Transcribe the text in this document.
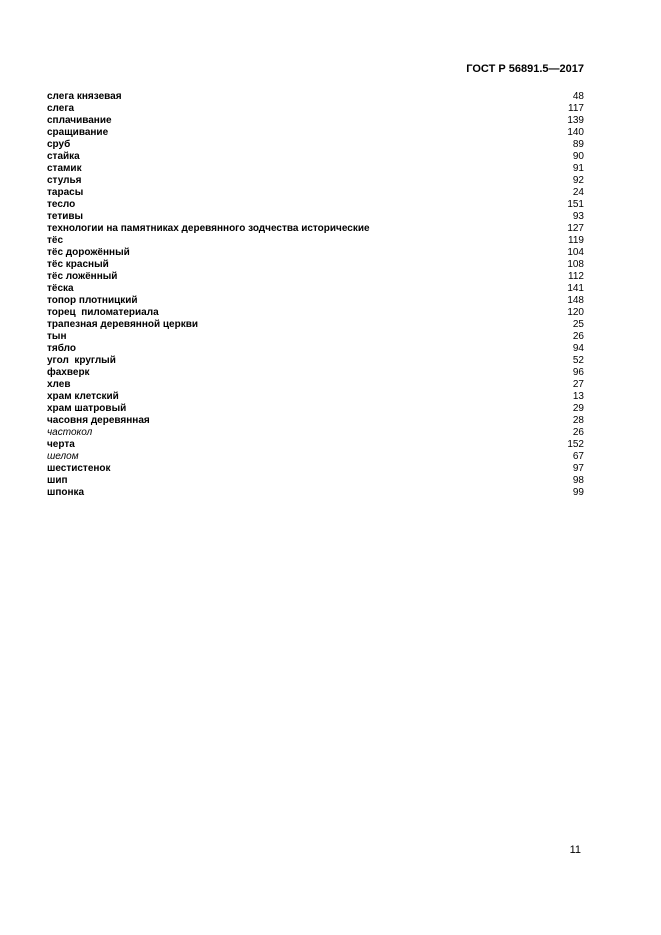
ГОСТ Р 56891.5—2017
слега князевая	48
слега	117
сплачивание	139
сращивание	140
сруб	89
стайка	90
стамик	91
стулья	92
тарасы	24
тесло	151
тетивы	93
технологии на памятниках деревянного зодчества исторические	127
тёс	119
тёс дорожённый	104
тёс красный	108
тёс ложённый	112
тёска	141
топор плотницкий	148
торец  пиломатериала	120
трапезная деревянной церкви	25
тын	26
тябло	94
угол  круглый	52
фахверк	96
хлев	27
храм клетский	13
храм шатровый	29
часовня деревянная	28
частокол	26
черта	152
шелом	67
шестистенок	97
шип	98
шпонка	99
11
